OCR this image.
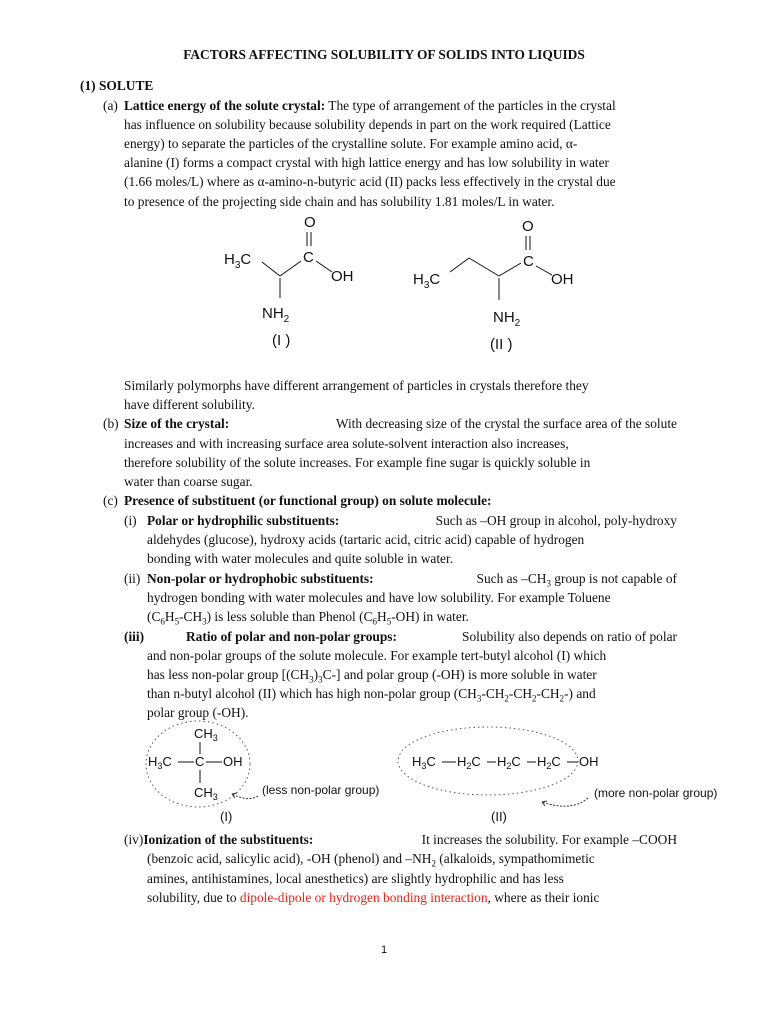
FACTORS AFFECTING SOLUBILITY OF SOLIDS INTO LIQUIDS
(1) SOLUTE
(a) Lattice energy of the solute crystal: The type of arrangement of the particles in the crystal
has influence on solubility because solubility depends in part on the work required (Lattice
energy) to separate the particles of the crystalline solute. For example amino acid, α-
alanine (I) forms a compact crystal with high lattice energy and has low solubility in water
(1.66 moles/L) where as α-amino-n-butyric acid (II) packs less effectively in the crystal due
to presence of the projecting side chain and has solubility 1.81 moles/L in water.
O
C
$H_3C$
OH
$NH_2$
(I )
O
C
$H_3C$	OH
$NH_2$
(II )
Similarly polymorphs have different arrangement of particles in crystals therefore they
have different solubility.
(b) Size of the crystal:	With decreasing size of the crystal the surface area of the solute
increases and with increasing surface area solute-solvent interaction also increases,
therefore solubility of the solute increases. For example fine sugar is quickly soluble in
water than coarse sugar.
(c) Presence of substituent (or functional group) on solute molecule:
(i) Polar or hydrophilic substituents:	Such as –OH group in alcohol, poly-hydroxy
aldehydes (glucose), hydroxy acids (tartaric acid, citric acid) capable of hydrogen
bonding with water molecules and quite soluble in water.
(ii) Non-polar or hydrophobic substituents:	Such as $-CH_3$ group is not capable of
hydrogen bonding with water molecules and have low solubility. For example Toluene
$(C_6H_5-CH_3)$ is less soluble than Phenol $(C_6H_5-OH)$ in water.
(iii)	Ratio of polar and non-polar groups:	Solubility also depends on ratio of polar
and non-polar groups of the solute molecule. For example tert-butyl alcohol (I) which
has less non-polar group $[(CH_3)_3C-]$ and polar group (-OH) is more soluble in water
than n-butyl alcohol (II) which has high non-polar group $(CH_3-CH_2-CH_2-CH_2-)$ and
polar group (-OH).
$CH_3$
$H_3C$ C OH
$CH_3$	(less non-polar group)
(I)
$H_3C$ $H_2C$ $H_2C$ $H_2C$ OH
(more non-polar group)
(II)
(iv)Ionization of the substituents:	It increases the solubility. For example –COOH
(benzoic acid, salicylic acid), -OH (phenol) and $-NH_2$ (alkaloids, sympathomimetic
amines, antihistamines, local anesthetics) are slightly hydrophilic and has less
solubility, due to dipole-dipole or hydrogen bonding interaction, where as their ionic
1
